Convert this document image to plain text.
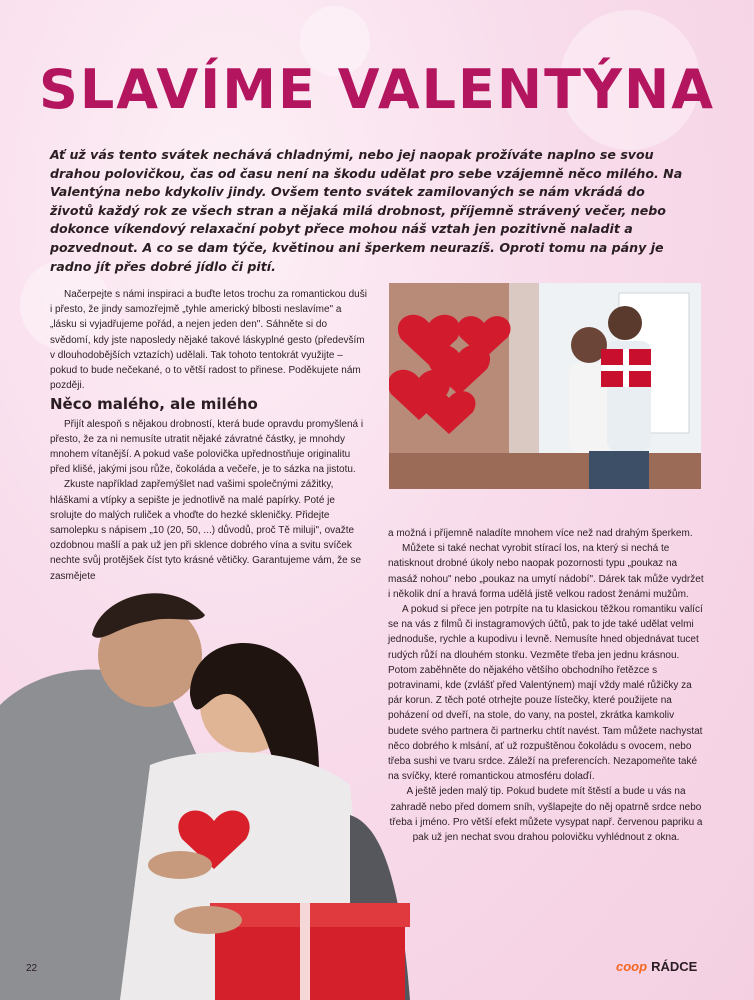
SLAVÍME VALENTÝNA

Ať už vás tento svátek nechává chladnými, nebo jej naopak prožíváte naplno se svou drahou polovičkou, čas od času není na škodu udělat pro sebe vzájemně něco milého. Na Valentýna nebo kdykoliv jindy. Ovšem tento svátek zamilovaných se nám vkrádá do životů každý rok ze všech stran a nějaká milá drobnost, příjemně strávený večer, nebo dokonce víkendový relaxační pobyt přece mohou náš vztah jen pozitivně naladit a pozvednout. A co se dam týče, květinou ani šperkem neurazíš. Oproti tomu na pány je radno jít přes dobré jídlo či pití.

Načerpejte s námi inspiraci a buďte letos trochu za romantickou duši i přesto, že jindy samozřejmě „tyhle americký blbosti neslavíme" a „lásku si vyjadřujeme pořád, a nejen jeden den". Sáhněte si do svědomí, kdy jste naposledy nějaké takové láskyplné gesto (především v dlouhodobějších vztazích) udělali. Tak tohoto tentokrát využijte – pokud to bude nečekané, o to větší radost to přinese. Poděkujete nám později.

Něco malého, ale milého

Přijít alespoň s nějakou drobností, která bude opravdu promyšlená i přesto, že za ni nemusíte utratit nějaké závratné částky, je mnohdy mnohem vítanější. A pokud vaše polovička upřednostňuje originalitu před klišé, jakými jsou růže, čokoláda a večeře, je to sázka na jistotu.

Zkuste například zapřemýšlet nad vašimi společnými zážitky, hláškami a vtípky a sepište je jednotlivě na malé papírky. Poté je srolujte do malých ruliček a vhoďte do hezké skleničky. Přidejte samolepku s nápisem „10 (20, 50, ...) důvodů, proč Tě miluji", ovažte ozdobnou mašlí a pak už jen při sklence dobrého vína a svitu svíček nechte svůj protějšek číst tyto krásné větičky. Garantujeme vám, že se zasmějete

a možná i příjemně naladíte mnohem více než nad drahým šperkem.

Můžete si také nechat vyrobit stírací los, na který si nechá te natisknout drobné úkoly nebo naopak pozornosti typu „poukaz na masáž nohou" nebo „poukaz na umytí nádobí". Dárek tak může vydržet i několik dní a hravá forma udělá jistě velkou radost ženámi mužům.

A pokud si přece jen potrpíte na tu klasickou těžkou romantiku valící se na vás z filmů či instagramových účtů, pak to jde také udělat velmi jednoduše, rychle a kupodivu i levně. Nemusíte hned objednávat tucet rudých růží na dlouhém stonku. Vezměte třeba jen jednu krásnou. Potom zaběhněte do nějakého většího obchodního řetězce s potravinami, kde (zvlášť před Valentýnem) mají vždy malé růžičky za pár korun. Z těch poté otrhejte pouze lístečky, které použijete na poházení od dveří, na stole, do vany, na postel, zkrátka kamkoliv budete svého partnera či partnerku chtít navést. Tam můžete nachystat něco dobrého k mlsání, ať už rozpuštěnou čokoládu s ovocem, nebo třeba sushi ve tvaru srdce. Záleží na preferencích. Nezapomeňte také na svíčky, které romantickou atmosféru dolaďí.

A ještě jeden malý tip. Pokud budete mít štěstí a bude u vás na zahradě nebo před domem sníh, vyšlapejte do něj opatrně srdce nebo třeba i jméno. Pro větší efekt můžete vysypat např. červenou papriku a pak už jen nechat svou drahou polovičku vyhlédnout z okna.

22	coop RÁDCE
